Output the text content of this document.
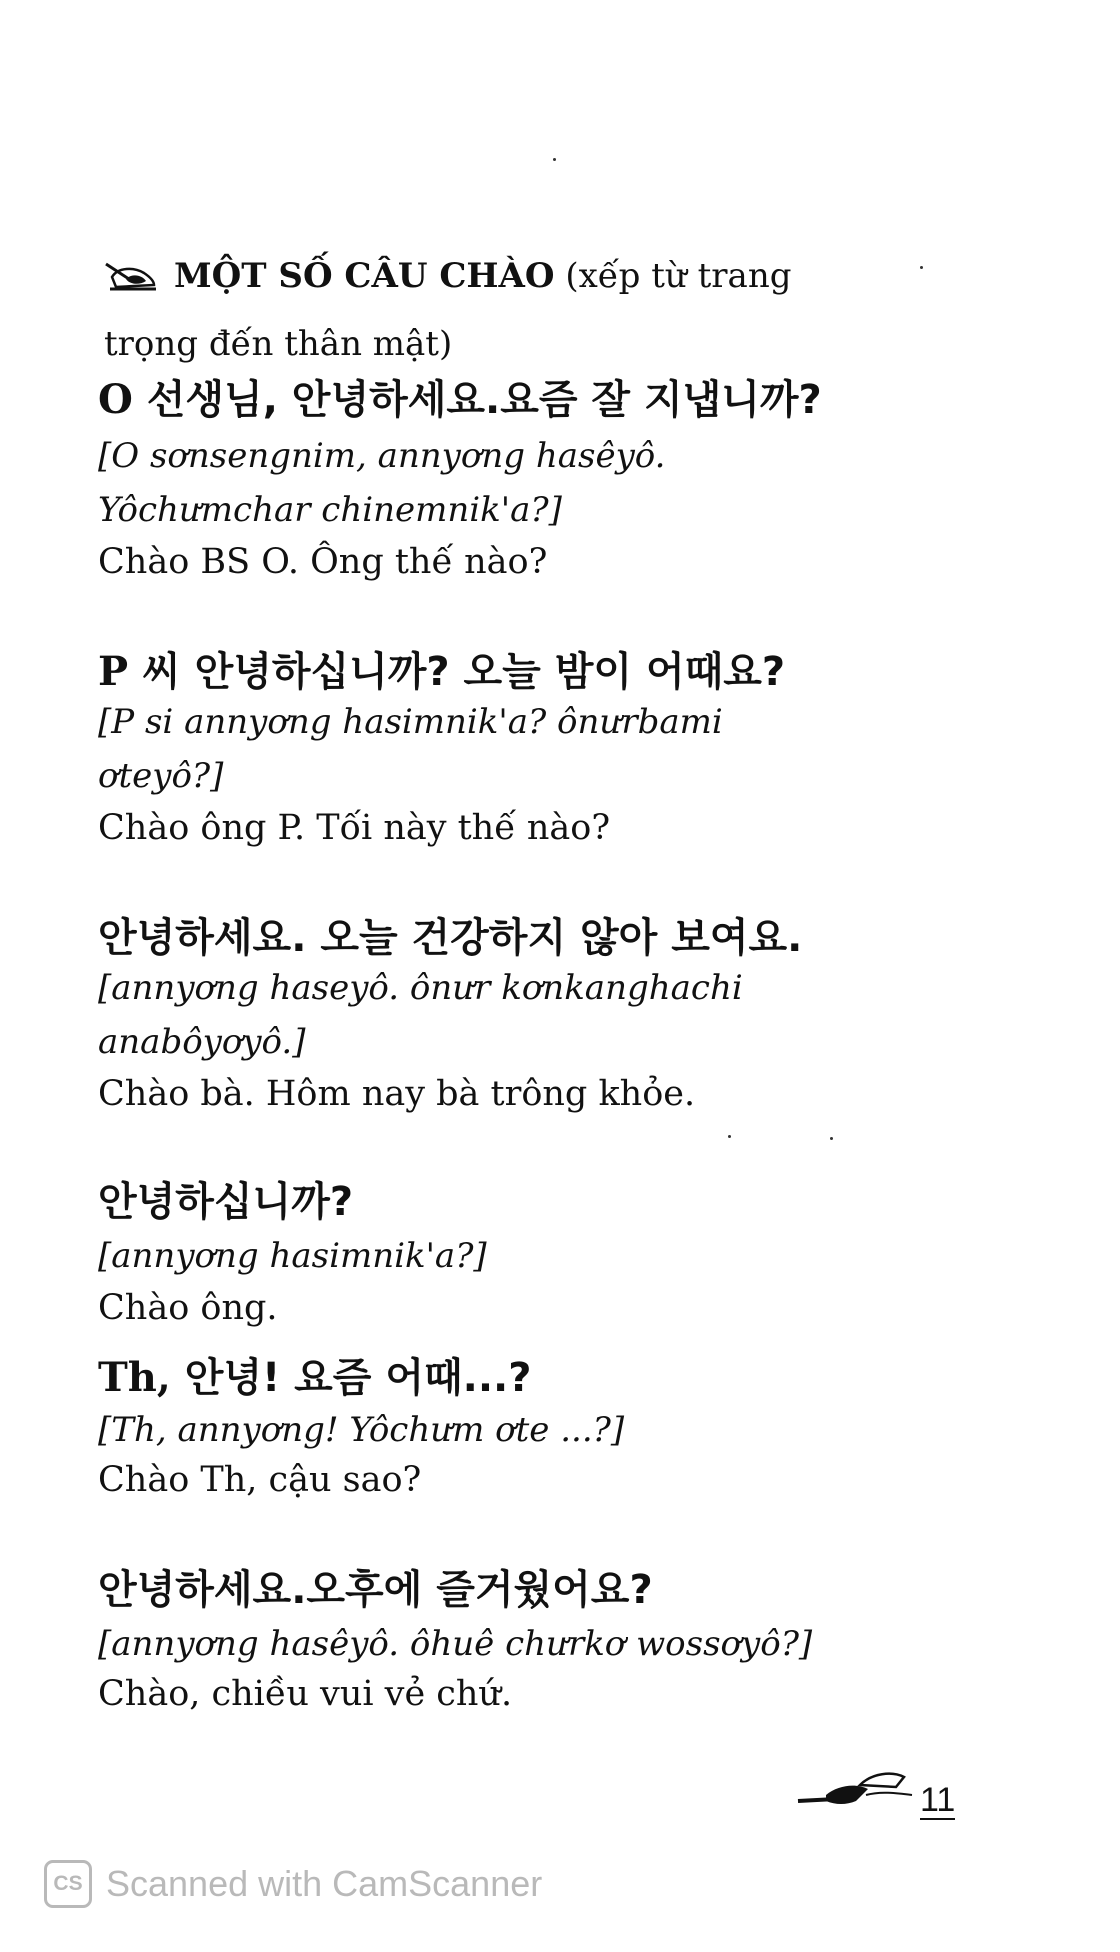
MỘT SỐ CÂU CHÀO (xếp từ trang
trọng đến thân mật)
O 선생님, 안녕하세요.요즘 잘 지냅니까?
[O sơnsengnim, annyơng hasêyô.
Yôchưmchar chinemnik'a?]
Chào BS O. Ông thế nào?
P 씨 안녕하십니까? 오늘 밤이 어때요?
[P si annyơng hasimnik'a? ônưrbami
ơteyô?]
Chào ông P. Tối này thế nào?
안녕하세요. 오늘 건강하지 않아 보여요.
[annyơng haseyô. ônưr kơnkanghachi
anabôyơyô.]
Chào bà. Hôm nay bà trông khỏe.
안녕하십니까?
[annyơng hasimnik'a?]
Chào ông.
Th, 안녕! 요즘 어때...?
[Th, annyơng! Yôchưm ơte ...?]
Chào Th, cậu sao?
안녕하세요.오후에 즐거웠어요?
[annyơng hasêyô. ôhuê chưrkơ wossơyô?]
Chào, chiều vui vẻ chứ.
11
CS Scanned with CamScanner
